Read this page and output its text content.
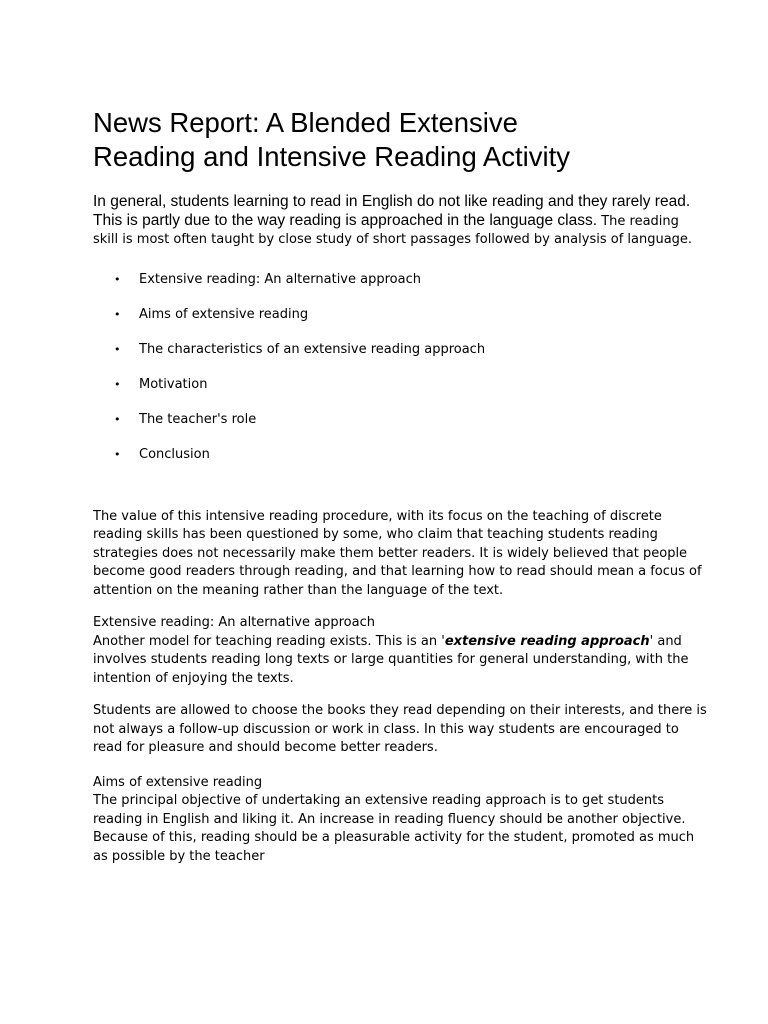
News Report: A Blended Extensive
Reading and Intensive Reading Activity

In general, students learning to read in English do not like reading and they rarely read. This is partly due to the way reading is approached in the language class. The reading skill is most often taught by close study of short passages followed by analysis of language.

• Extensive reading: An alternative approach
• Aims of extensive reading
• The characteristics of an extensive reading approach
• Motivation
• The teacher's role
• Conclusion

The value of this intensive reading procedure, with its focus on the teaching of discrete reading skills has been questioned by some, who claim that teaching students reading strategies does not necessarily make them better readers. It is widely believed that people become good readers through reading, and that learning how to read should mean a focus of attention on the meaning rather than the language of the text.

Extensive reading: An alternative approach
Another model for teaching reading exists. This is an 'extensive reading approach' and involves students reading long texts or large quantities for general understanding, with the intention of enjoying the texts.

Students are allowed to choose the books they read depending on their interests, and there is not always a follow-up discussion or work in class. In this way students are encouraged to read for pleasure and should become better readers.

Aims of extensive reading
The principal objective of undertaking an extensive reading approach is to get students reading in English and liking it. An increase in reading fluency should be another objective. Because of this, reading should be a pleasurable activity for the student, promoted as much as possible by the teacher
